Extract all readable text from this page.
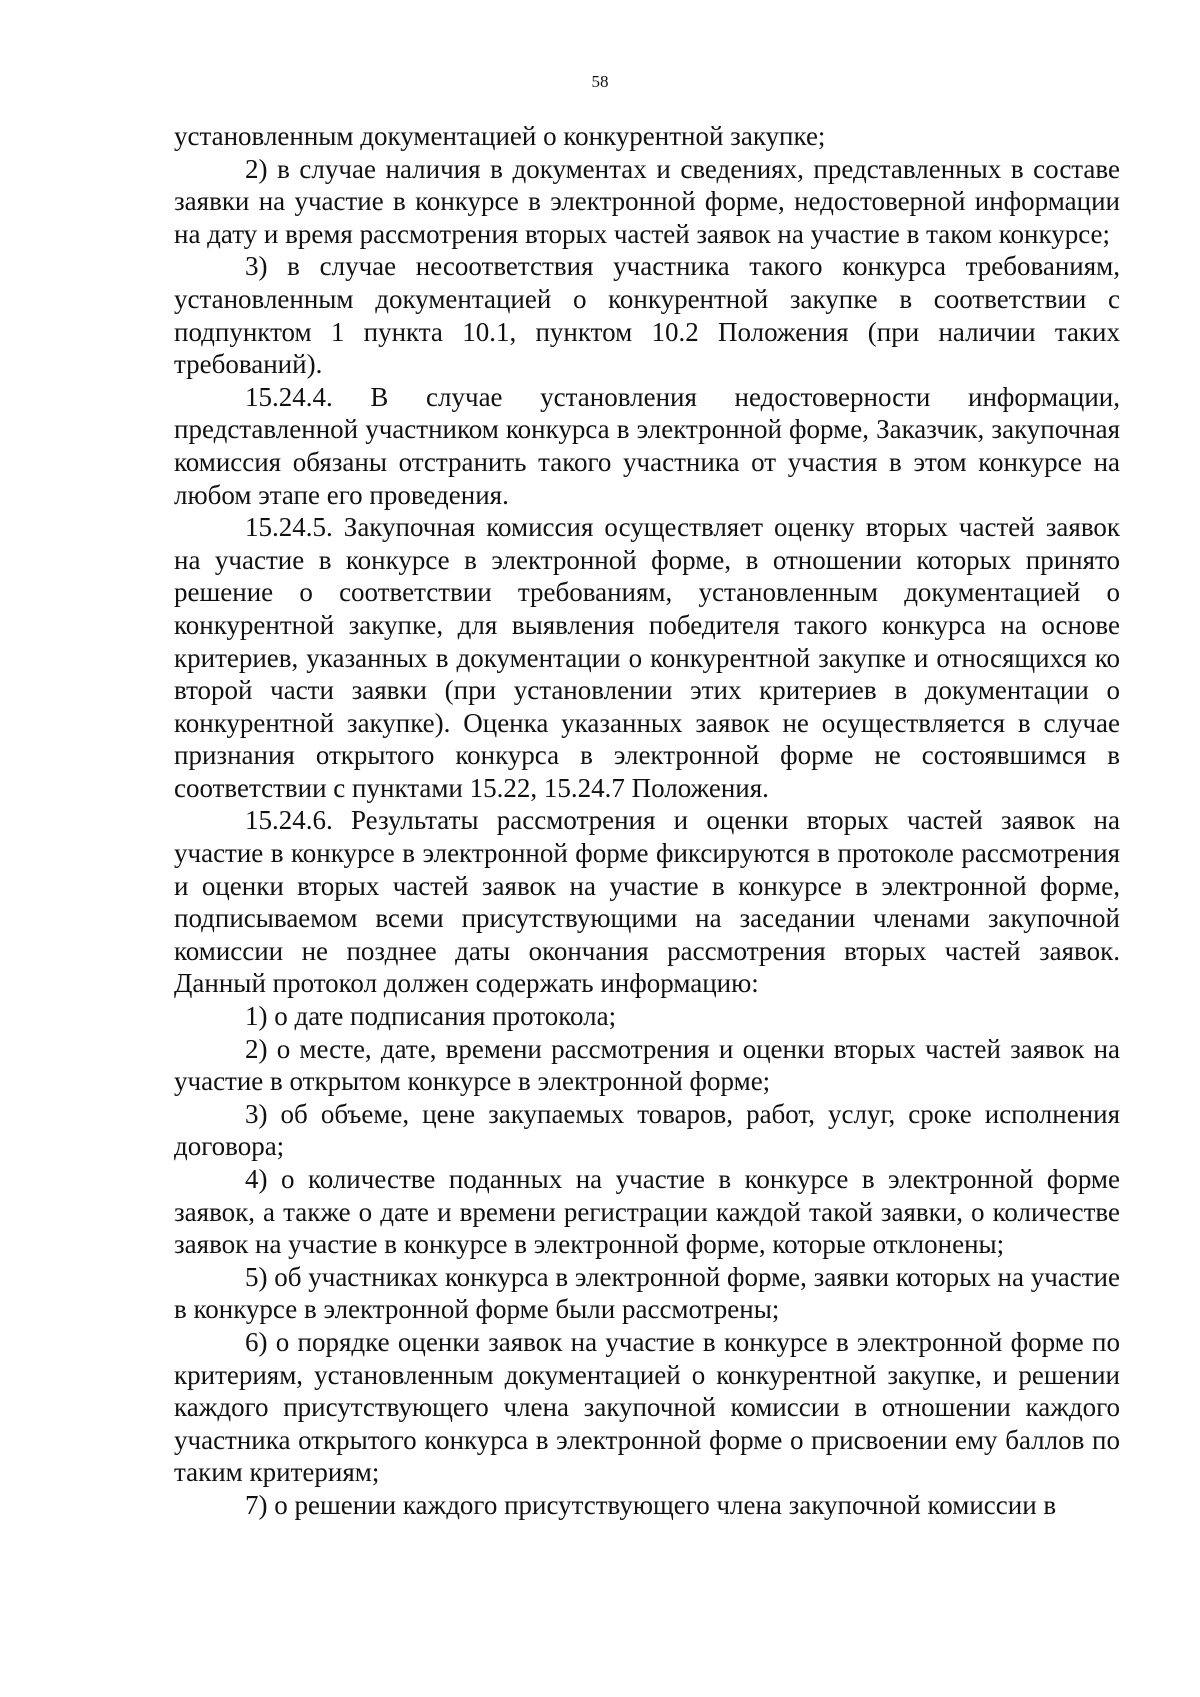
58

установленным документацией о конкурентной закупке;

2) в случае наличия в документах и сведениях, представленных в составе заявки на участие в конкурсе в электронной форме, недостоверной информации на дату и время рассмотрения вторых частей заявок на участие в таком конкурсе;

3) в случае несоответствия участника такого конкурса требованиям, установленным документацией о конкурентной закупке в соответствии с подпунктом 1 пункта 10.1, пунктом 10.2 Положения (при наличии таких требований).

15.24.4. В случае установления недостоверности информации, представленной участником конкурса в электронной форме, Заказчик, закупочная комиссия обязаны отстранить такого участника от участия в этом конкурсе на любом этапе его проведения.

15.24.5. Закупочная комиссия осуществляет оценку вторых частей заявок на участие в конкурсе в электронной форме, в отношении которых принято решение о соответствии требованиям, установленным документацией о конкурентной закупке, для выявления победителя такого конкурса на основе критериев, указанных в документации о конкурентной закупке и относящихся ко второй части заявки (при установлении этих критериев в документации о конкурентной закупке). Оценка указанных заявок не осуществляется в случае признания открытого конкурса в электронной форме не состоявшимся в соответствии с пунктами 15.22, 15.24.7 Положения.

15.24.6. Результаты рассмотрения и оценки вторых частей заявок на участие в конкурсе в электронной форме фиксируются в протоколе рассмотрения и оценки вторых частей заявок на участие в конкурсе в электронной форме, подписываемом всеми присутствующими на заседании членами закупочной комиссии не позднее даты окончания рассмотрения вторых частей заявок. Данный протокол должен содержать информацию:

1) о дате подписания протокола;

2) о месте, дате, времени рассмотрения и оценки вторых частей заявок на участие в открытом конкурсе в электронной форме;

3) об объеме, цене закупаемых товаров, работ, услуг, сроке исполнения договора;

4) о количестве поданных на участие в конкурсе в электронной форме заявок, а также о дате и времени регистрации каждой такой заявки, о количестве заявок на участие в конкурсе в электронной форме, которые отклонены;

5) об участниках конкурса в электронной форме, заявки которых на участие в конкурсе в электронной форме были рассмотрены;

6) о порядке оценки заявок на участие в конкурсе в электронной форме по критериям, установленным документацией о конкурентной закупке, и решении каждого присутствующего члена закупочной комиссии в отношении каждого участника открытого конкурса в электронной форме о присвоении ему баллов по таким критериям;

7) о решении каждого присутствующего члена закупочной комиссии в
